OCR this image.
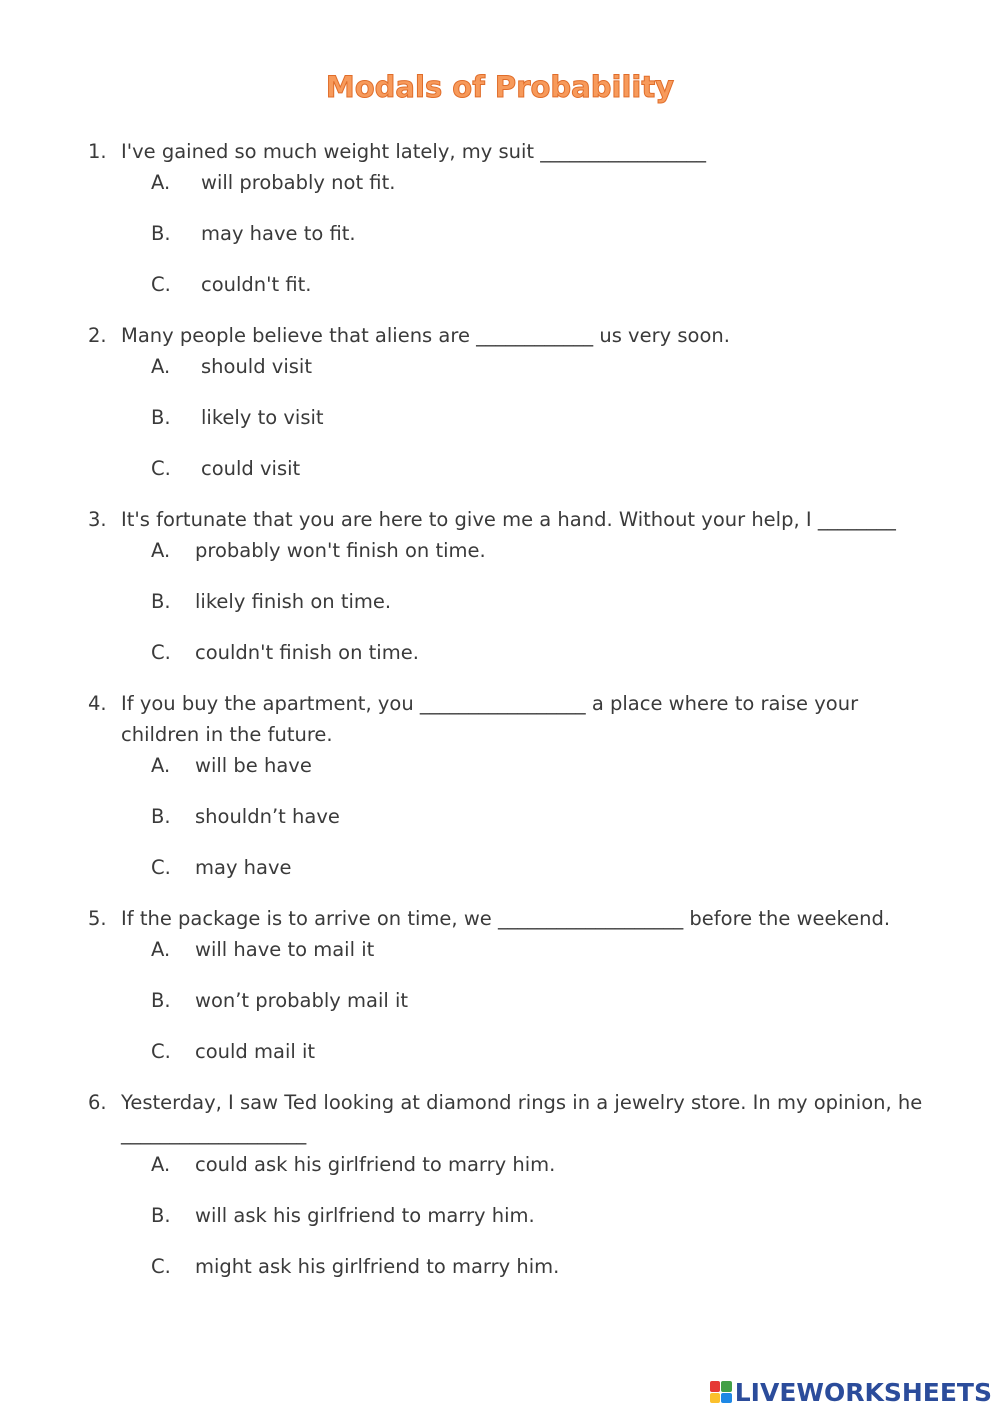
Modals of Probability
1. I've gained so much weight lately, my suit _________________
A.	will probably not fit.
B.	may have to fit.
C.	couldn't fit.
2. Many people believe that aliens are ____________ us very soon.
A.	should visit
B.	likely to visit
C.	could visit
3. It's fortunate that you are here to give me a hand. Without your help, I ________
A.	probably won't finish on time.
B.	likely finish on time.
C.	couldn't finish on time.
4. If you buy the apartment, you _________________ a place where to raise your children in the future.
A.	will be have
B.	shouldn’t have
C.	may have
5. If the package is to arrive on time, we ___________________ before the weekend.
A.	will have to mail it
B.	won’t probably mail it
C.	could mail it
6. Yesterday, I saw Ted looking at diamond rings in a jewelry store. In my opinion, he ___________________
A.	could ask his girlfriend to marry him.
B.	will ask his girlfriend to marry him.
C.	might ask his girlfriend to marry him.
LIVEWORKSHEETS
